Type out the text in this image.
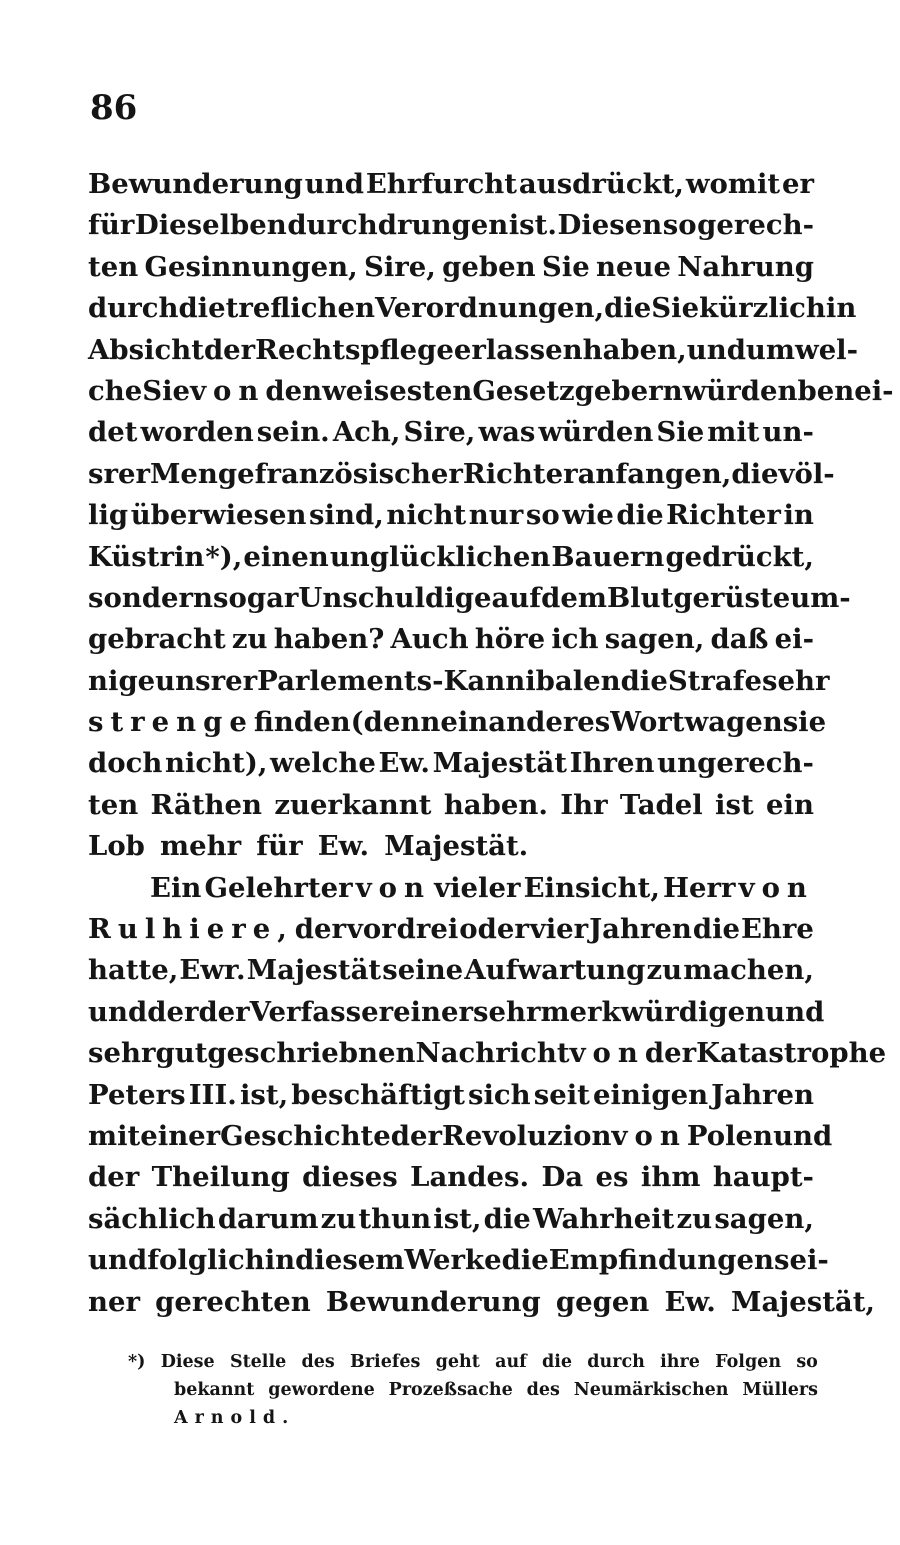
86
Bewunderung und Ehrfurcht ausdrückt, womit er
für Dieselben durchdrungen ist. Diesen so gerech-
ten Gesinnungen, Sire, geben Sie neue Nahrung
durch die treflichen Verordnungen, die Sie kürzlich in
Absicht der Rechtspflege erlassen haben, und um wel-
che Sie von den weisesten Gesetzgebern würden benei-
det worden sein. Ach, Sire, was würden Sie mit un-
srer Menge französischer Richter anfangen, die völ-
lig überwiesen sind, nicht nur so wie die Richter in
Küstrin *), einen unglücklichen Bauern gedrückt,
sondern sogar Unschuldige auf dem Blutgerüste um-
gebracht zu haben? Auch höre ich sagen, daß ei-
nige unsrer Parlements-Kannibalen die Strafe sehr
strenge finden (denn ein anderes Wort wagen sie
doch nicht), welche Ew. Majestät Ihren ungerech-
ten Räthen zuerkannt haben. Ihr Tadel ist ein
Lob mehr für Ew. Majestät.
Ein Gelehrter von vieler Einsicht, Herr von
Rulhiere, der vor drei oder vier Jahren die Ehre
hatte, Ewr. Majestät seine Aufwartung zu machen,
und der der Verfasser einer sehr merkwürdigen und
sehr gut geschriebnen Nachricht von der Katastrophe
Peters III. ist, beschäftigt sich seit einigen Jahren
mit einer Geschichte der Revoluzion von Polen und
der Theilung dieses Landes. Da es ihm haupt-
sächlich darum zu thun ist, die Wahrheit zu sagen,
und folglich in diesem Werke die Empfindungen sei-
ner gerechten Bewunderung gegen Ew. Majestät,
*) Diese Stelle des Briefes geht auf die durch ihre Folgen so
bekannt gewordene Prozeßsache des Neumärkischen Müllers
Arnold.
